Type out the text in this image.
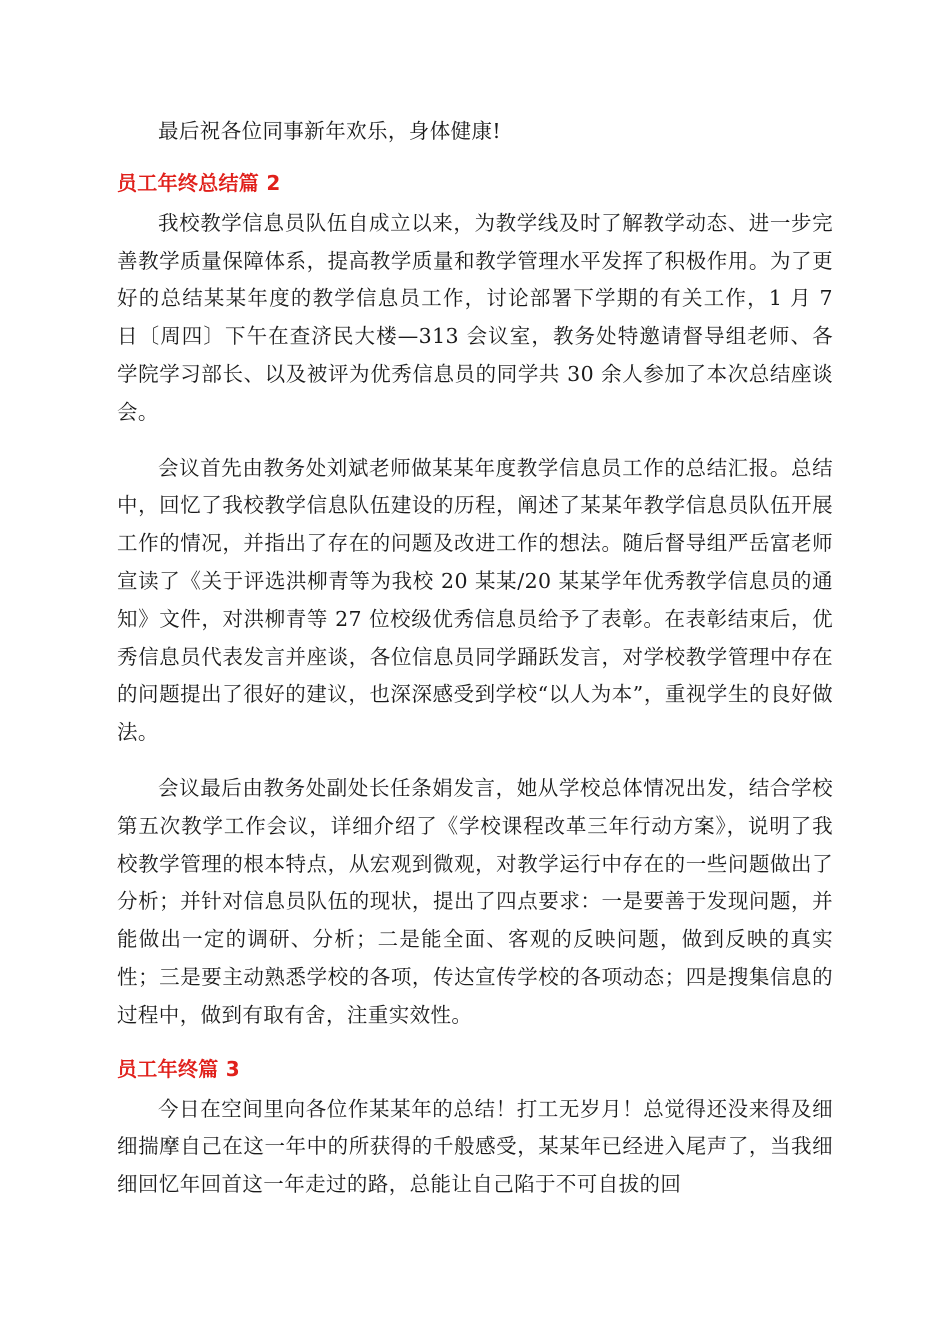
最后祝各位同事新年欢乐，身体健康!

员工年终总结篇 2

我校教学信息员队伍自成立以来，为教学线及时了解教学动态、进一步完善教学质量保障体系，提高教学质量和教学管理水平发挥了积极作用。为了更好的总结某某年度的教学信息员工作，讨论部署下学期的有关工作，1 月 7 日〔周四〕下午在查济民大楼—313 会议室，教务处特邀请督导组老师、各学院学习部长、以及被评为优秀信息员的同学共 30 余人参加了本次总结座谈会。

会议首先由教务处刘斌老师做某某年度教学信息员工作的总结汇报。总结中，回忆了我校教学信息队伍建设的历程，阐述了某某年教学信息员队伍开展工作的情况，并指出了存在的问题及改进工作的想法。随后督导组严岳富老师宣读了《关于评选洪柳青等为我校 20 某某/20 某某学年优秀教学信息员的通知》文件，对洪柳青等 27 位校级优秀信息员给予了表彰。在表彰结束后，优秀信息员代表发言并座谈，各位信息员同学踊跃发言，对学校教学管理中存在的问题提出了很好的建议，也深深感受到学校“以人为本”，重视学生的良好做法。

会议最后由教务处副处长任条娟发言，她从学校总体情况出发，结合学校第五次教学工作会议，详细介绍了《学校课程改革三年行动方案》，说明了我校教学管理的根本特点，从宏观到微观，对教学运行中存在的一些问题做出了分析；并针对信息员队伍的现状，提出了四点要求：一是要善于发现问题，并能做出一定的调研、分析；二是能全面、客观的反映问题，做到反映的真实性；三是要主动熟悉学校的各项，传达宣传学校的各项动态；四是搜集信息的过程中，做到有取有舍，注重实效性。

员工年终篇 3

今日在空间里向各位作某某年的总结！打工无岁月！总觉得还没来得及细细揣摩自己在这一年中的所获得的千般感受，某某年已经进入尾声了，当我细细回忆年回首这一年走过的路，总能让自己陷于不可自拔的回
